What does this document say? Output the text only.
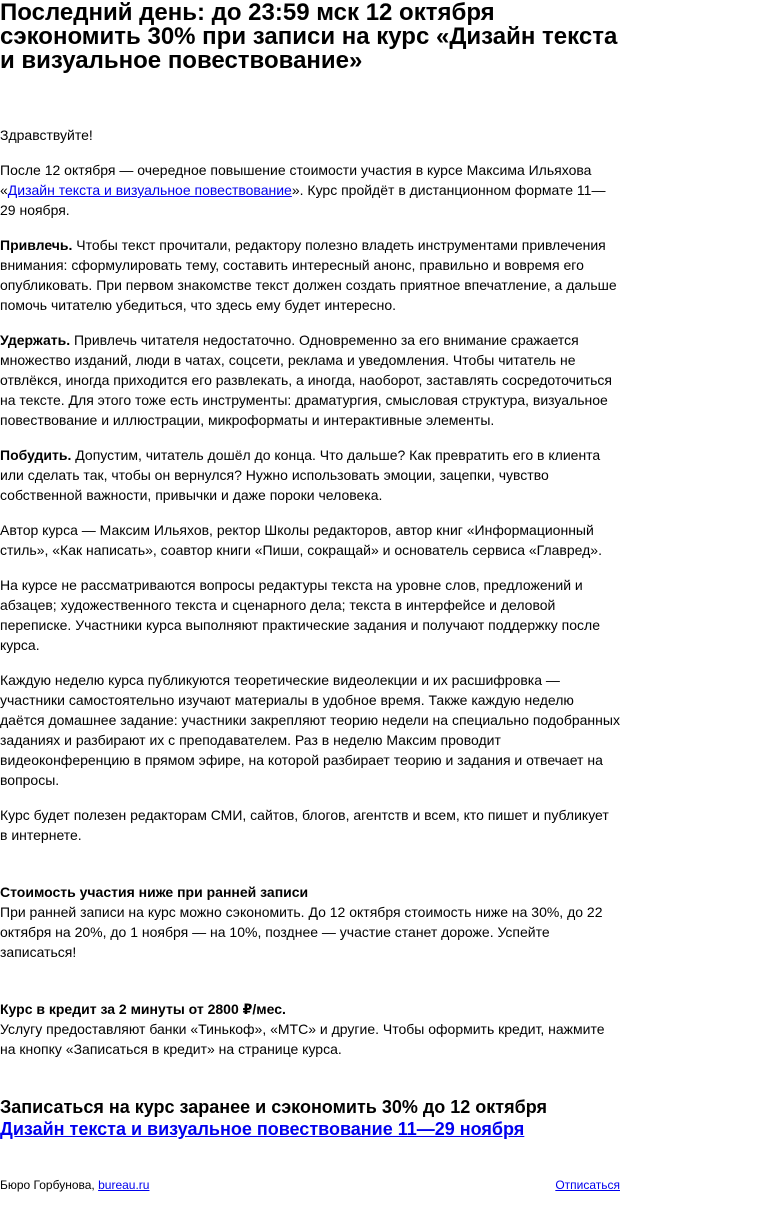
Последний день: до 23:59 мск 12 октября сэкономить 30% при записи на курс «Дизайн текста и визуальное повествование»

Здравствуйте!

После 12 октября — очередное повышение стоимости участия в курсе Максима Ильяхова «Дизайн текста и визуальное повествование». Курс пройдёт в дистанционном формате 11— 29 ноября.

Привлечь. Чтобы текст прочитали, редактору полезно владеть инструментами привлечения внимания: сформулировать тему, составить интересный анонс, правильно и вовремя его опубликовать. При первом знакомстве текст должен создать приятное впечатление, а дальше помочь читателю убедиться, что здесь ему будет интересно.

Удержать. Привлечь читателя недостаточно. Одновременно за его внимание сражается множество изданий, люди в чатах, соцсети, реклама и уведомления. Чтобы читатель не отвлёкся, иногда приходится его развлекать, а иногда, наоборот, заставлять сосредоточиться на тексте. Для этого тоже есть инструменты: драматургия, смысловая структура, визуальное повествование и иллюстрации, микроформаты и интерактивные элементы.

Побудить. Допустим, читатель дошёл до конца. Что дальше? Как превратить его в клиента или сделать так, чтобы он вернулся? Нужно использовать эмоции, зацепки, чувство собственной важности, привычки и даже пороки человека.

Автор курса — Максим Ильяхов, ректор Школы редакторов, автор книг «Информационный стиль», «Как написать», соавтор книги «Пиши, сокращай» и основатель сервиса «Главред».

На курсе не рассматриваются вопросы редактуры текста на уровне слов, предложений и абзацев; художественного текста и сценарного дела; текста в интерфейсе и деловой переписке. Участники курса выполняют практические задания и получают поддержку после курса.

Каждую неделю курса публикуются теоретические видеолекции и их расшифровка — участники самостоятельно изучают материалы в удобное время. Также каждую неделю даётся домашнее задание: участники закрепляют теорию недели на специально подобранных заданиях и разбирают их с преподавателем. Раз в неделю Максим проводит видеоконференцию в прямом эфире, на которой разбирает теорию и задания и отвечает на вопросы.

Курс будет полезен редакторам СМИ, сайтов, блогов, агентств и всем, кто пишет и публикует в интернете.

Стоимость участия ниже при ранней записи

При ранней записи на курс можно сэкономить. До 12 октября стоимость ниже на 30%, до 22 октября на 20%, до 1 ноября — на 10%, позднее — участие станет дороже. Успейте записаться!

Курс в кредит за 2 минуты от 2800 ₽/мес.

Услугу предоставляют банки «Тинькоф», «МТС» и другие. Чтобы оформить кредит, нажмите на кнопку «Записаться в кредит» на странице курса.

Записаться на курс заранее и сэкономить 30% до 12 октября
Дизайн текста и визуальное повествование 11—29 ноября
Бюро Горбунова, bureau.ru	Отписаться
